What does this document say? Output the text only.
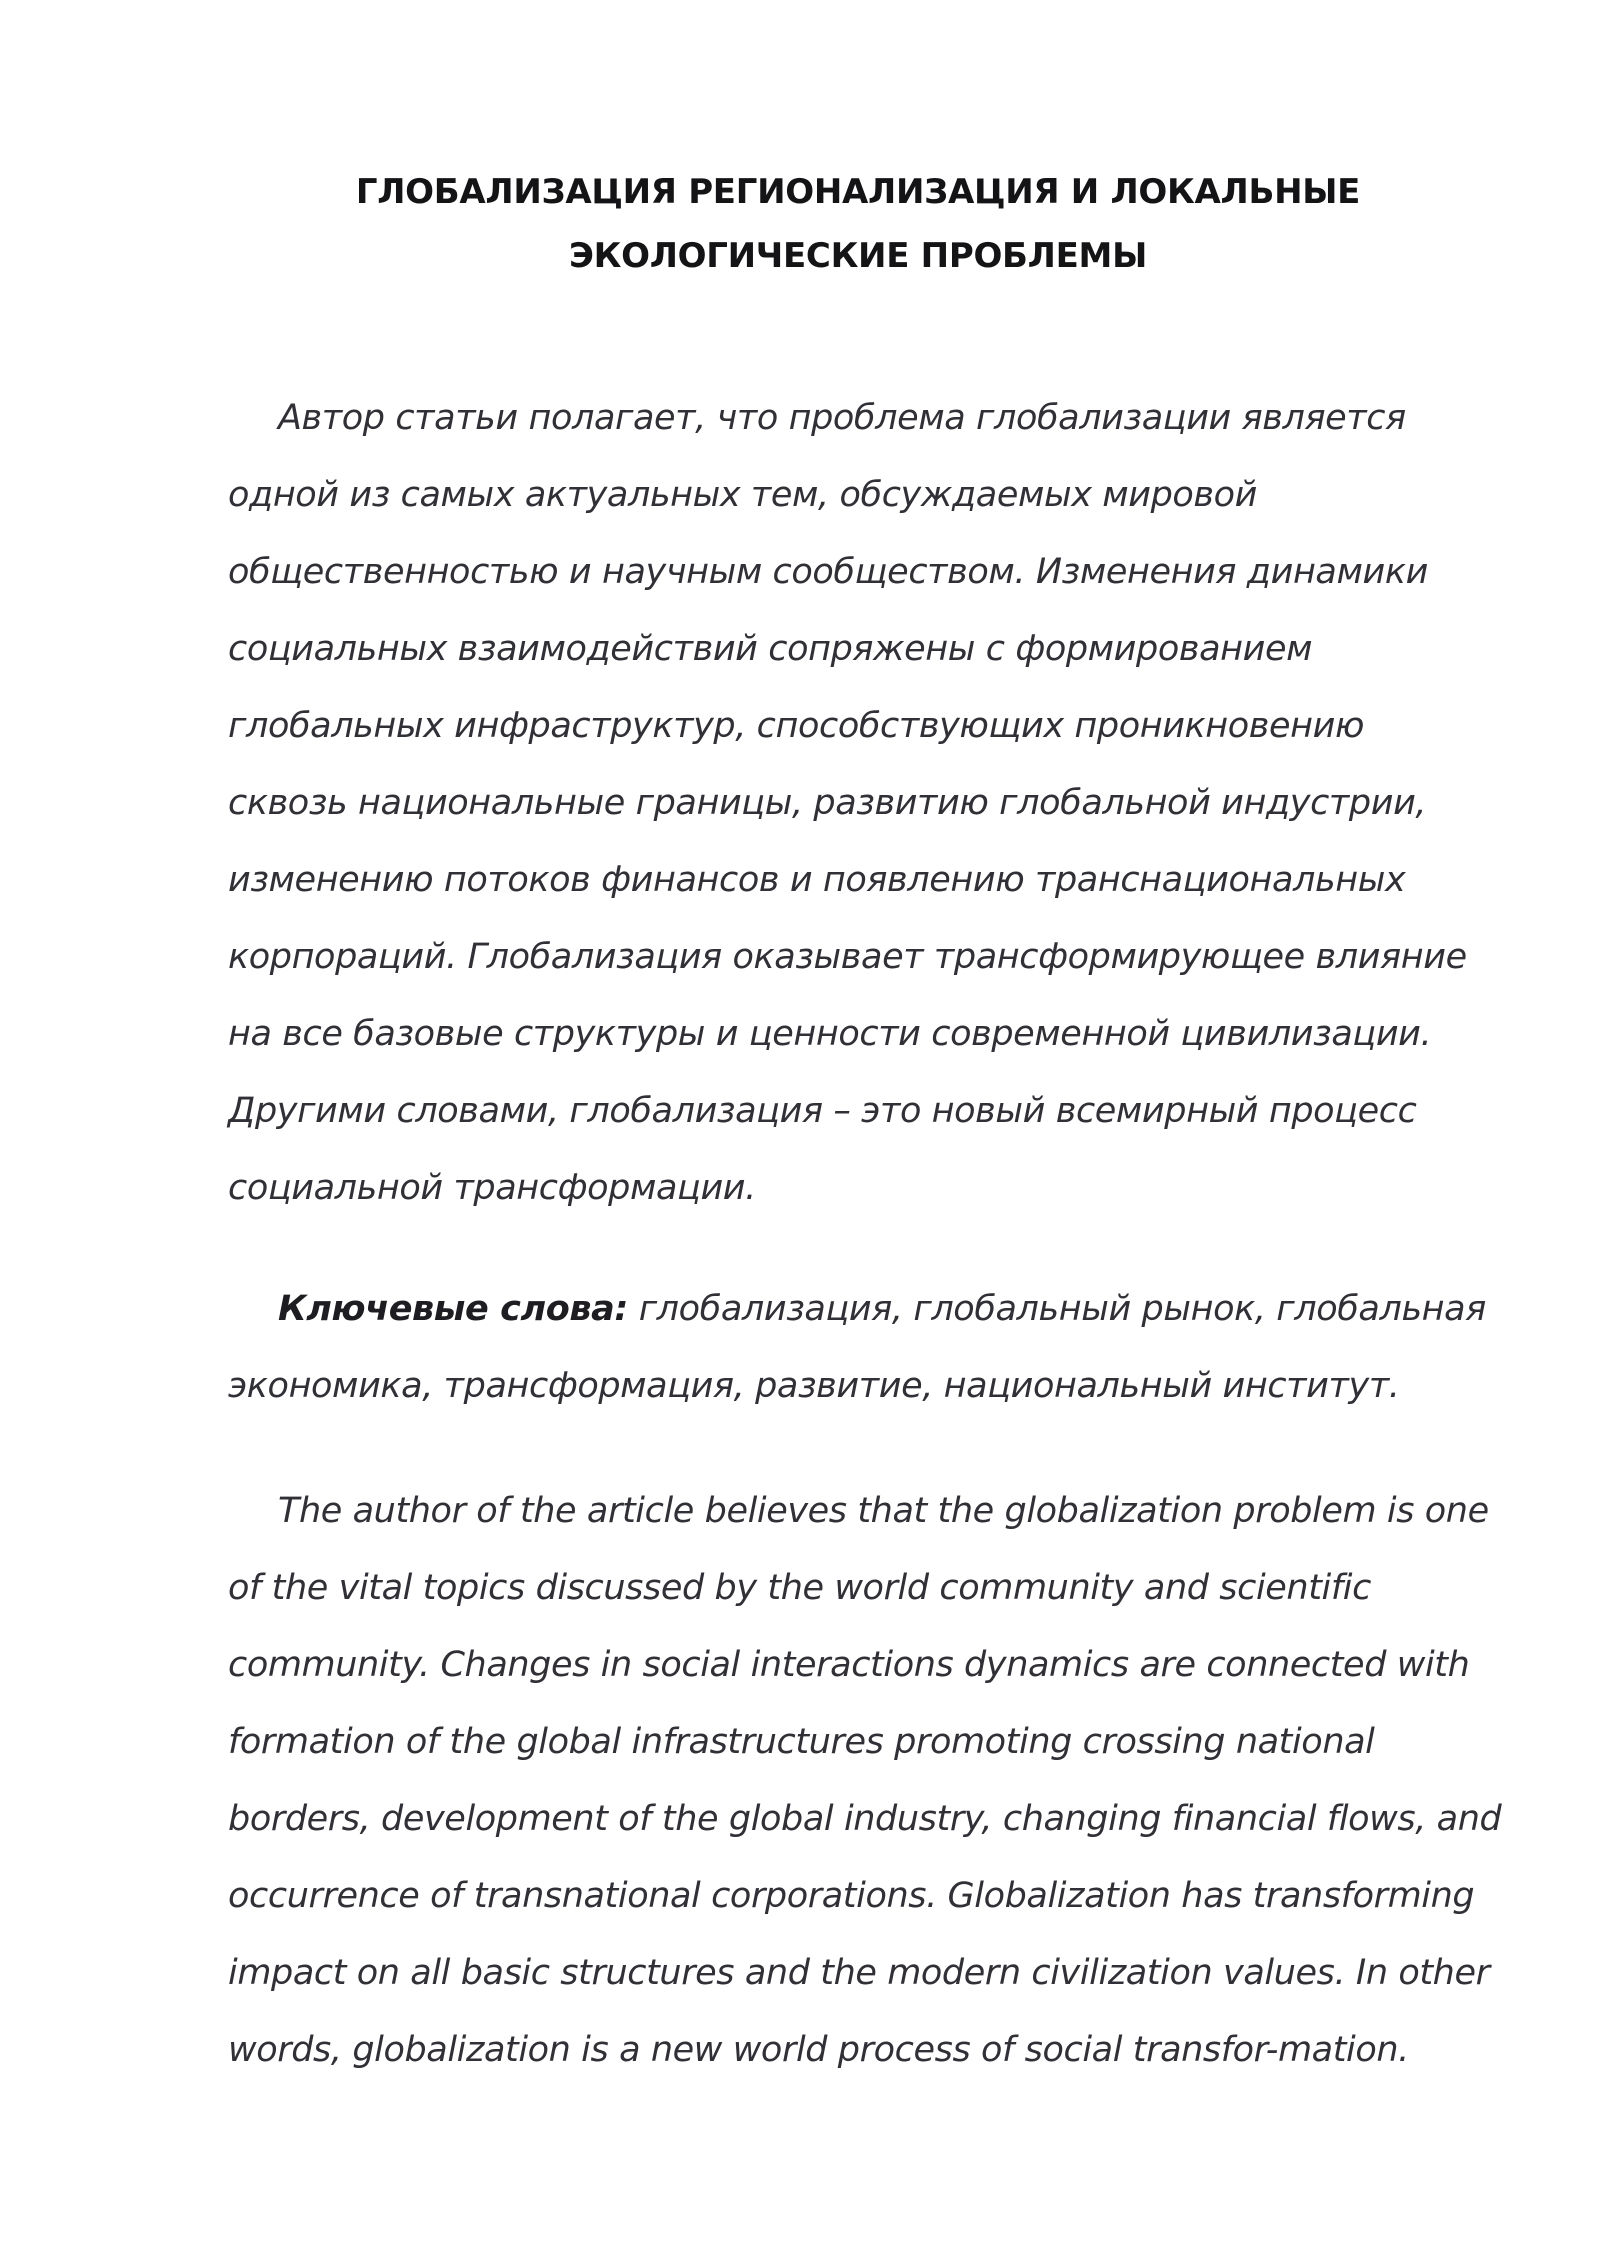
ГЛОБАЛИЗАЦИЯ РЕГИОНАЛИЗАЦИЯ И ЛОКАЛЬНЫЕ
ЭКОЛОГИЧЕСКИЕ ПРОБЛЕМЫ
Автор статьи полагает, что проблема глобализации является
одной из самых актуальных тем, обсуждаемых мировой
общественностью и научным сообществом. Изменения динамики
социальных взаимодействий сопряжены с формированием
глобальных инфраструктур, способствующих проникновению
сквозь национальные границы, развитию глобальной индустрии,
изменению потоков финансов и появлению транснациональных
корпораций. Глобализация оказывает трансформирующее влияние
на все базовые структуры и ценности современной цивилизации.
Другими словами, глобализация – это новый всемирный процесс
социальной трансформации.
Ключевые слова: глобализация, глобальный рынок, глобальная
экономика, трансформация, развитие, национальный институт.
The author of the article believes that the globalization problem is one
of the vital topics discussed by the world community and scientific
community. Changes in social interactions dynamics are connected with
formation of the global infrastructures promoting crossing national
borders, development of the global industry, changing financial flows, and
occurrence of transnational corporations. Globalization has transforming
impact on all basic structures and the modern civilization values. In other
words, globalization is a new world process of social transfor-mation.
